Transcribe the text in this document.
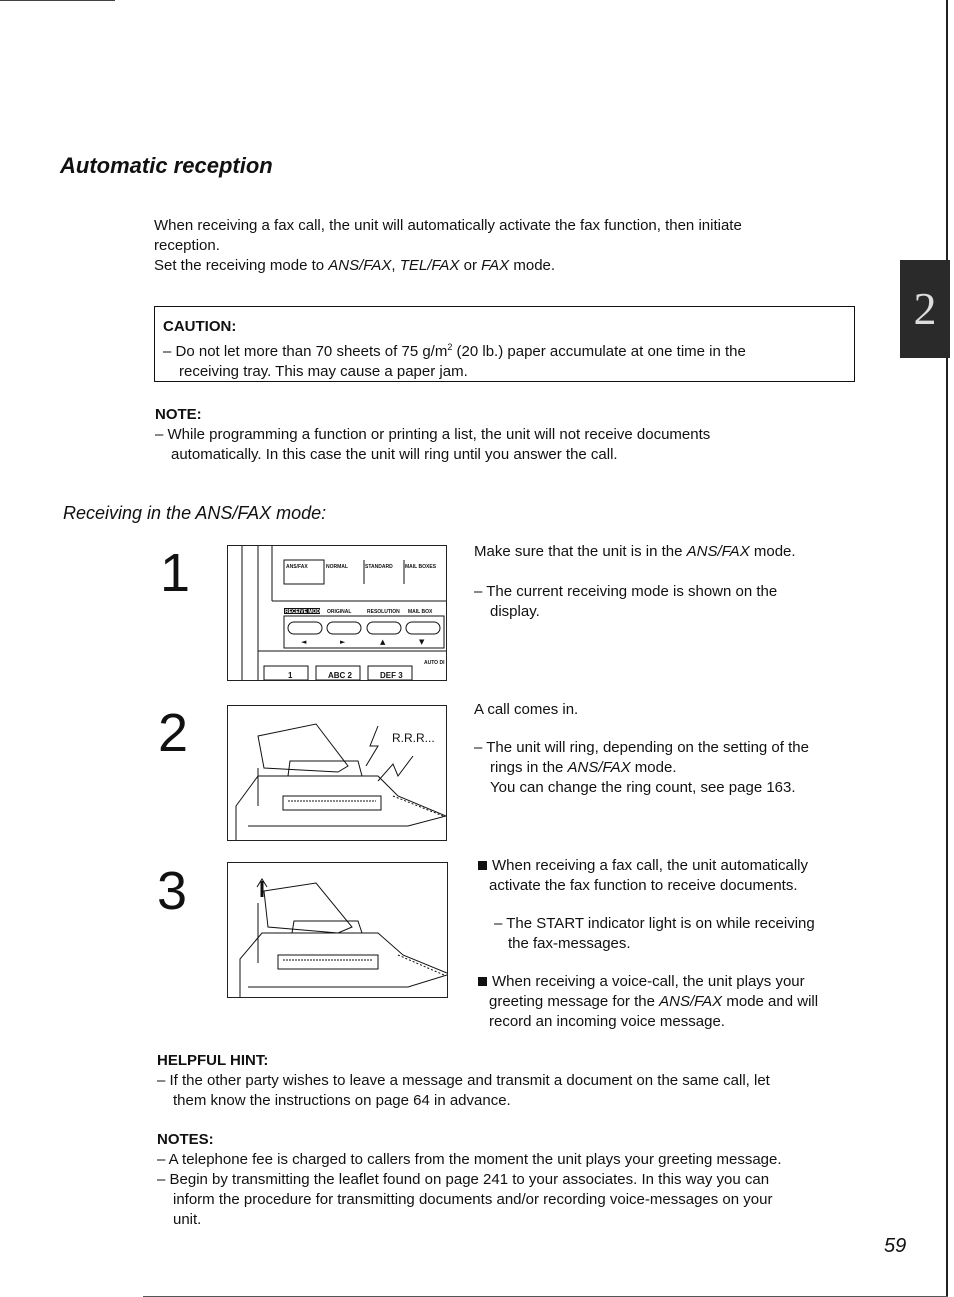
2
Automatic reception
When receiving a fax call, the unit will automatically activate the fax function, then initiate
reception.
Set the receiving mode to ANS/FAX, TEL/FAX or FAX mode.
CAUTION:
– Do not let more than 70 sheets of 75 $g/m^2$ (20 lb.) paper accumulate at one time in the
receiving tray. This may cause a paper jam.
NOTE:
– While programming a function or printing a list, the unit will not receive documents
automatically. In this case the unit will ring until you answer the call.
Receiving in the ANS/FAX mode:
1	ANS/FAX	NORMAL	STANDARD MAIL BOXES
RECEIVE MODE ORIGINAL	RESOLUTION MAIL BOX
AUTO DI
◄	►	▲	▼
1	ABC 2	DEF 3
Make sure that the unit is in the ANS/FAX mode.
– The current receiving mode is shown on the
display.
2	R.R.R...
A call comes in.
– The unit will ring, depending on the setting of the
rings in the ANS/FAX mode.
You can change the ring count, see page 163.
3	When receiving a fax call, the unit automatically
activate the fax function to receive documents.
– The START indicator light is on while receiving
the fax-messages.
When receiving a voice-call, the unit plays your
greeting message for the ANS/FAX mode and will
record an incoming voice message.
HELPFUL HINT:
– If the other party wishes to leave a message and transmit a document on the same call, let
them know the instructions on page 64 in advance.
NOTES:
– A telephone fee is charged to callers from the moment the unit plays your greeting message.
– Begin by transmitting the leaflet found on page 241 to your associates. In this way you can
inform the procedure for transmitting documents and/or recording voice-messages on your
unit.
59
